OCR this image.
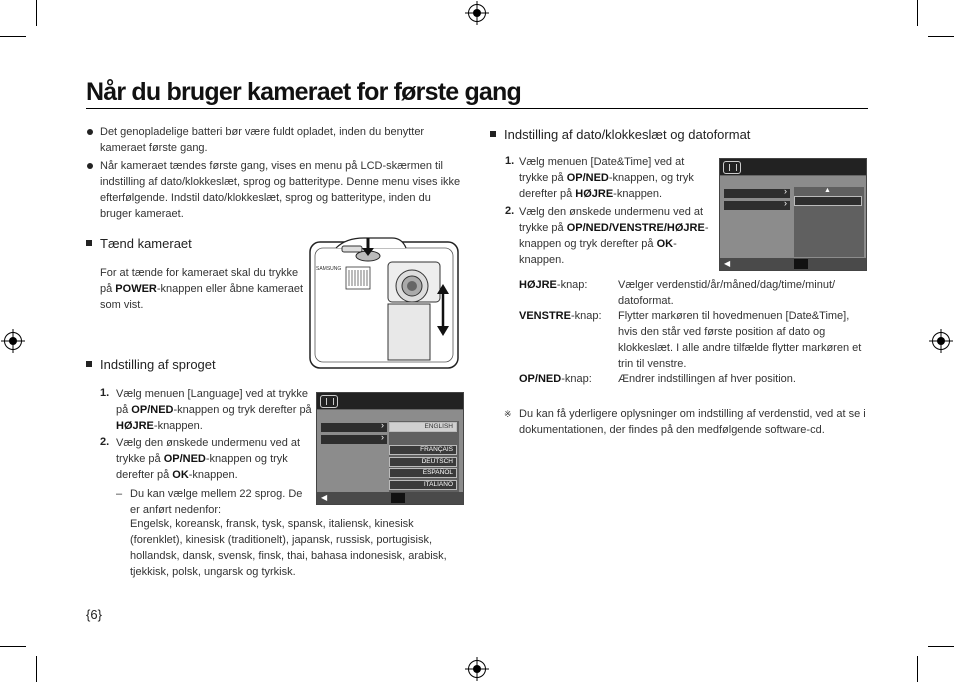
Når du bruger kameraet for første gang
Det genopladelige batteri bør være fuldt opladet, inden du benytter kameraet første gang.
Når kameraet tændes første gang, vises en menu på LCD-skærmen til indstilling af dato/klokkeslæt, sprog og batteritype. Denne menu vises ikke efterfølgende. Indstil dato/klokkeslæt, sprog og batteritype, inden du bruger kameraet.
Tænd kameraet
For at tænde for kameraet skal du trykke på POWER-knappen eller åbne kameraet som vist.
SAMSUNG
Indstilling af sproget
1. Vælg menuen [Language] ved at trykke på OP/NED-knappen og tryk derefter på HØJRE-knappen.
2. Vælg den ønskede undermenu ved at trykke på OP/NED-knappen og tryk derefter på OK-knappen.
– Du kan vælge mellem 22 sprog. De er anført nedenfor:
Engelsk, koreansk, fransk, tysk, spansk, italiensk, kinesisk (forenklet), kinesisk (traditionelt), japansk, russisk, portugisisk, hollandsk, dansk, svensk, finsk, thai, bahasa indonesisk, arabisk, tjekkisk, polsk, ungarsk og tyrkisk.
›
›
ENGLISH
FRANÇAIS
DEUTSCH
ESPAÑOL
ITALIANO
◀
{6}
Indstilling af dato/klokkeslæt og datoformat
1. Vælg menuen [Date&Time] ved at trykke på OP/NED-knappen, og tryk derefter på HØJRE-knappen.
2. Vælg den ønskede undermenu ved at trykke på OP/NED/VENSTRE/HØJRE-knappen og tryk derefter på OK-knappen.
HØJRE-knap:	Vælger verdenstid/år/måned/dag/time/minut/ datoformat.
VENSTRE-knap: Flytter markøren til hovedmenuen [Date&Time], hvis den står ved første position af dato og klokkeslæt. I alle andre tilfælde flytter markøren et trin til venstre.
OP/NED-knap: Ændrer indstillingen af hver position.
※ Du kan få yderligere oplysninger om indstilling af verdenstid, ved at se i dokumentationen, der findes på den medfølgende software-cd.
›
›
▲
◀
